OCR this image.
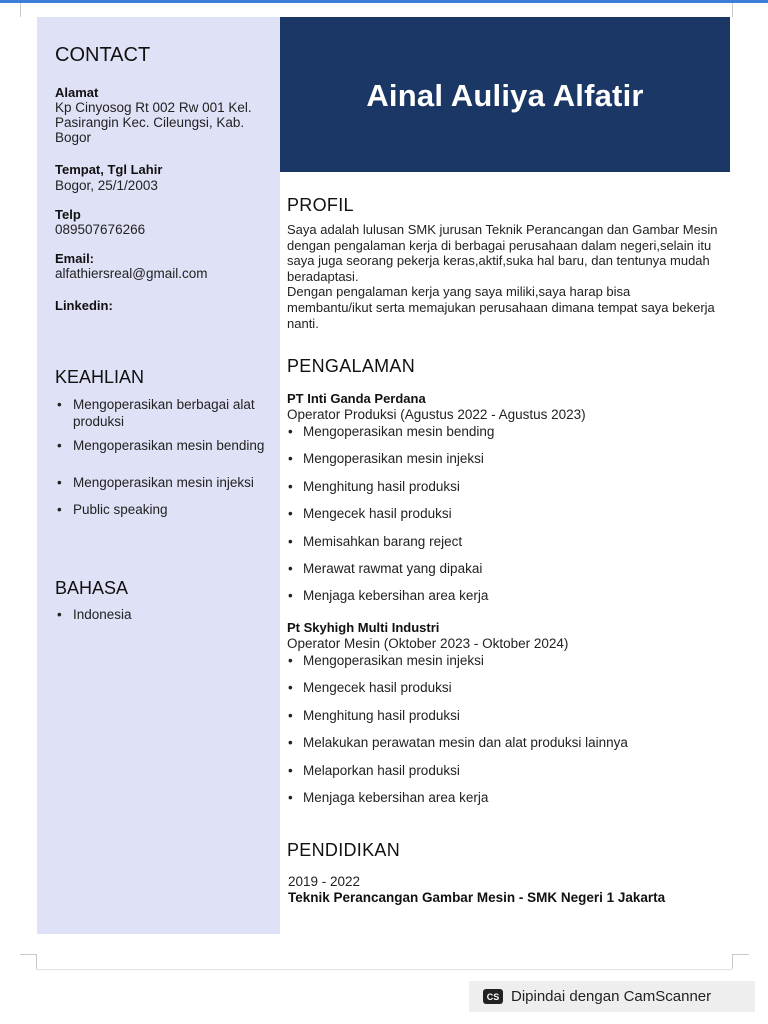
CONTACT
Alamat
Kp Cinyosog Rt 002 Rw 001 Kel.
Pasirangin Kec. Cileungsi, Kab.
Bogor
Tempat, Tgl Lahir
Bogor, 25/1/2003
Telp
089507676266
Email:
alfathiersreal@gmail.com
Linkedin:
KEAHLIAN
• Mengoperasikan berbagai alat produksi
• Mengoperasikan mesin bending
• Mengoperasikan mesin injeksi
• Public speaking
BAHASA
• Indonesia
Ainal Auliya Alfatir
PROFIL
Saya adalah lulusan SMK jurusan Teknik Perancangan dan Gambar Mesin dengan pengalaman kerja di berbagai perusahaan dalam negeri,selain itu saya juga seorang pekerja keras,aktif,suka hal baru, dan tentunya mudah beradaptasi.
Dengan pengalaman kerja yang saya miliki,saya harap bisa membantu/ikut serta memajukan perusahaan dimana tempat saya bekerja nanti.
PENGALAMAN
PT Inti Ganda Perdana
Operator Produksi (Agustus 2022 - Agustus 2023)
• Mengoperasikan mesin bending
• Mengoperasikan mesin injeksi
• Menghitung hasil produksi
• Mengecek hasil produksi
• Memisahkan barang reject
• Merawat rawmat yang dipakai
• Menjaga kebersihan area kerja
Pt Skyhigh Multi Industri
Operator Mesin (Oktober 2023 - Oktober 2024)
• Mengoperasikan mesin injeksi
• Mengecek hasil produksi
• Menghitung hasil produksi
• Melakukan perawatan mesin dan alat produksi lainnya
• Melaporkan hasil produksi
• Menjaga kebersihan area kerja
PENDIDIKAN
2019 - 2022
Teknik Perancangan Gambar Mesin - SMK Negeri 1 Jakarta
CS Dipindai dengan CamScanner
